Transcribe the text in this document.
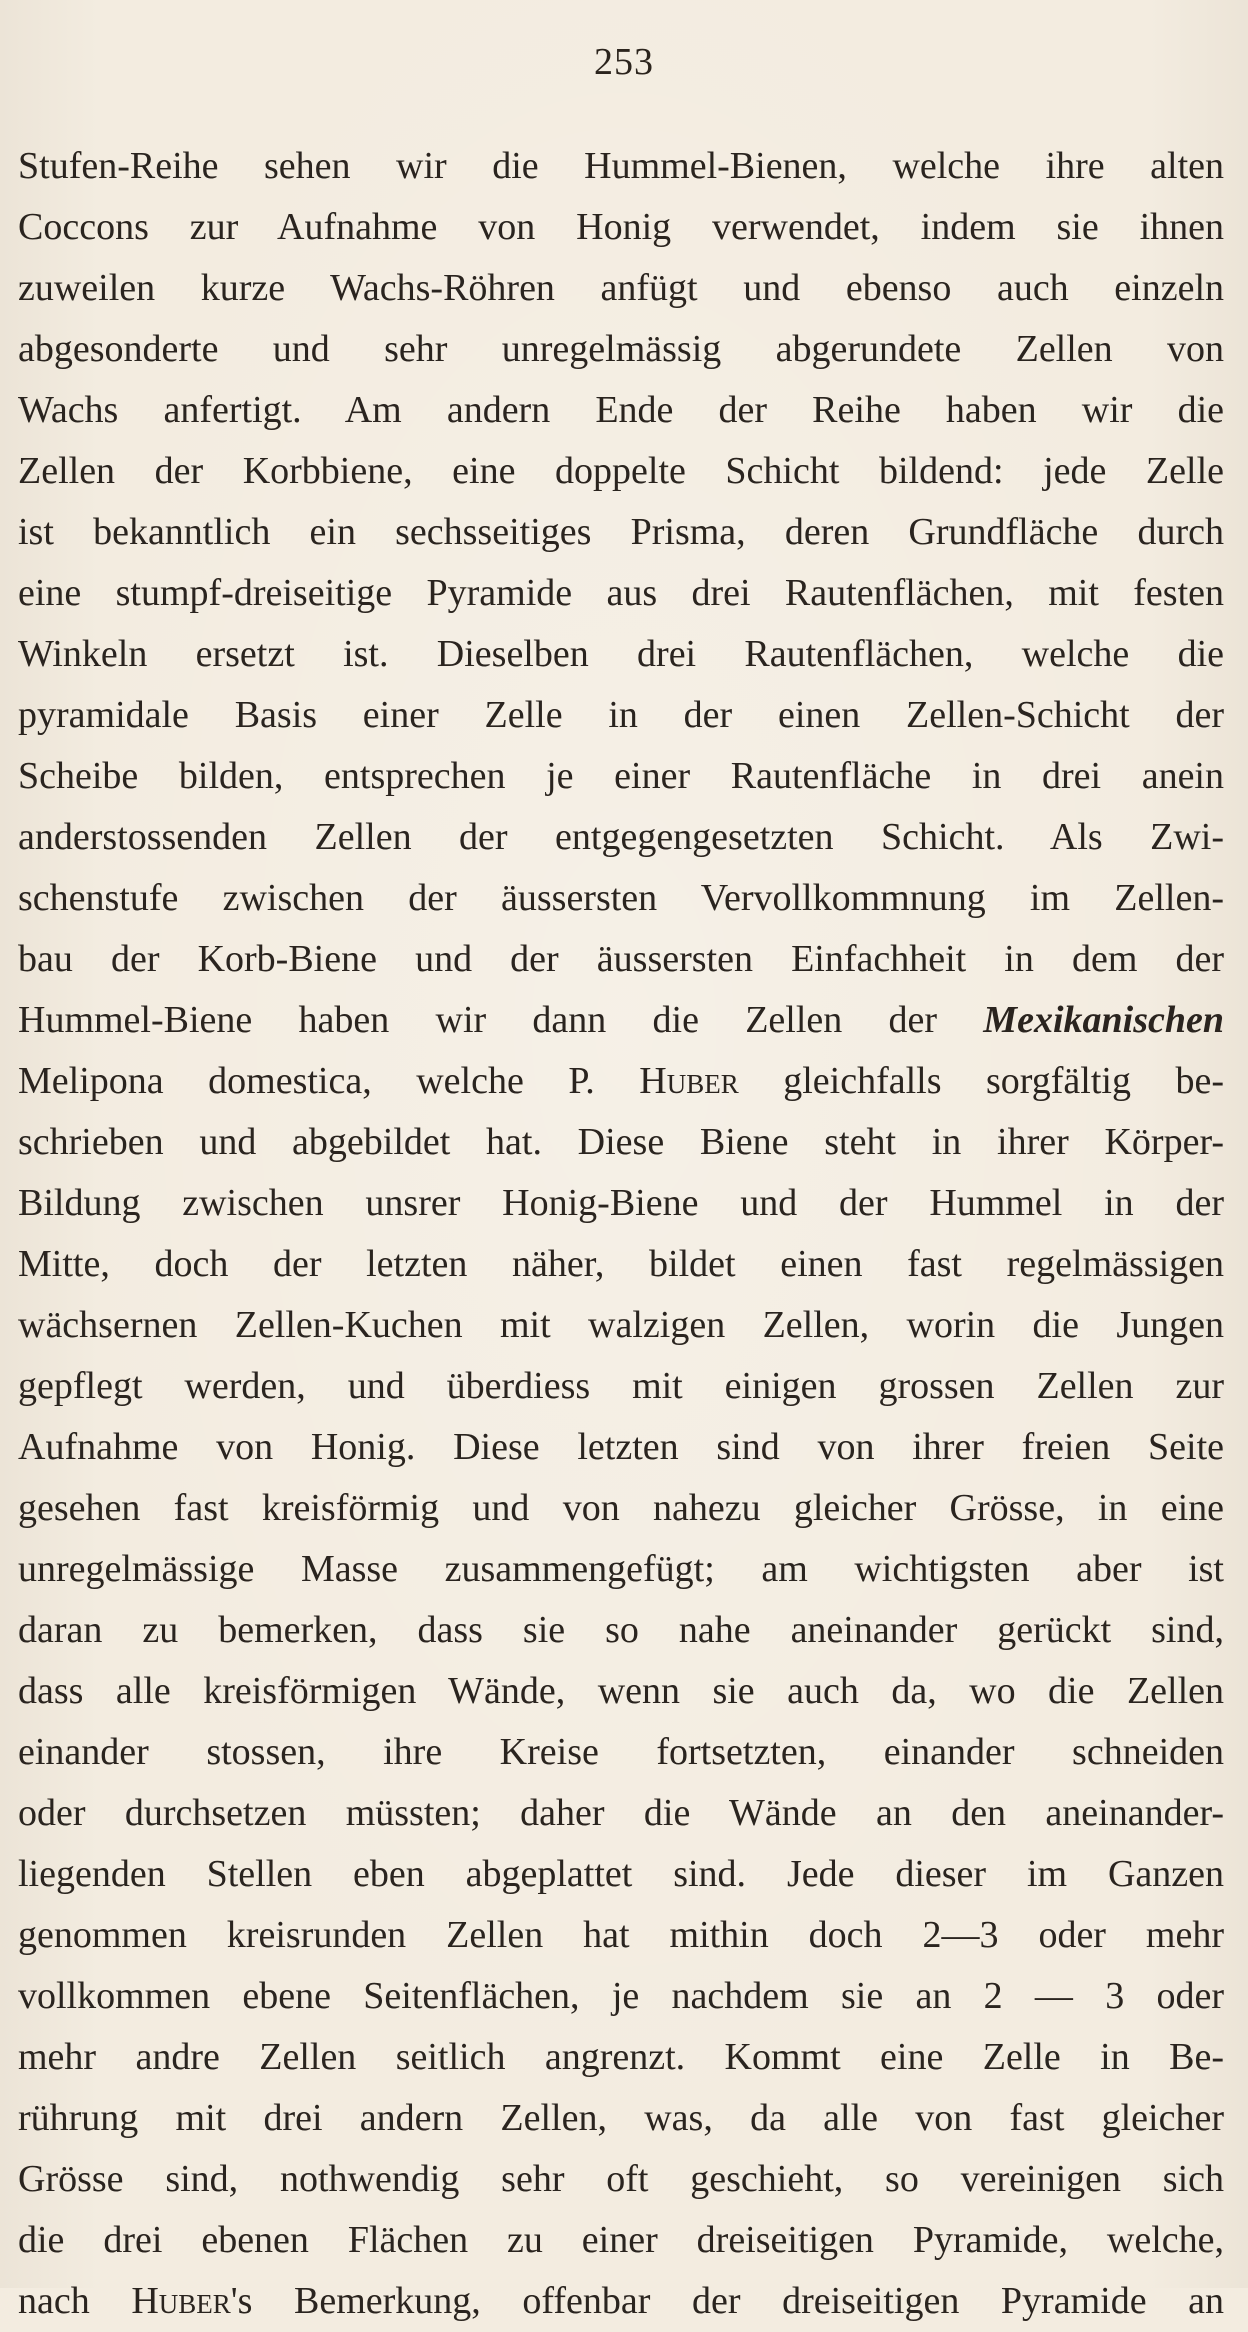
253
Stufen-Reihe sehen wir die Hummel-Bienen, welche ihre alten
Coccons zur Aufnahme von Honig verwendet, indem sie ihnen
zuweilen kurze Wachs-Röhren anfügt und ebenso auch einzeln
abgesonderte und sehr unregelmässig abgerundete Zellen von
Wachs anfertigt. Am andern Ende der Reihe haben wir die
Zellen der Korbbiene, eine doppelte Schicht bildend: jede Zelle
ist bekanntlich ein sechsseitiges Prisma, deren Grundfläche durch
eine stumpf-dreiseitige Pyramide aus drei Rautenflächen, mit festen
Winkeln ersetzt ist. Dieselben drei Rautenflächen, welche die
pyramidale Basis einer Zelle in der einen Zellen-Schicht der
Scheibe bilden, entsprechen je einer Rautenfläche in drei anein
anderstossenden Zellen der entgegengesetzten Schicht. Als Zwi-
schenstufe zwischen der äussersten Vervollkommnung im Zellen-
bau der Korb-Biene und der äussersten Einfachheit in dem der
Hummel-Biene haben wir dann die Zellen der Mexikanischen
Melipona domestica, welche P. Huber gleichfalls sorgfältig be-
schrieben und abgebildet hat. Diese Biene steht in ihrer Körper-
Bildung zwischen unsrer Honig-Biene und der Hummel in der
Mitte, doch der letzten näher, bildet einen fast regelmässigen
wächsernen Zellen-Kuchen mit walzigen Zellen, worin die Jungen
gepflegt werden, und überdiess mit einigen grossen Zellen zur
Aufnahme von Honig. Diese letzten sind von ihrer freien Seite
gesehen fast kreisförmig und von nahezu gleicher Grösse, in eine
unregelmässige Masse zusammengefügt; am wichtigsten aber ist
daran zu bemerken, dass sie so nahe aneinander gerückt sind,
dass alle kreisförmigen Wände, wenn sie auch da, wo die Zellen
einander stossen, ihre Kreise fortsetzten, einander schneiden
oder durchsetzen müssten; daher die Wände an den aneinander-
liegenden Stellen eben abgeplattet sind. Jede dieser im Ganzen
genommen kreisrunden Zellen hat mithin doch 2—3 oder mehr
vollkommen ebene Seitenflächen, je nachdem sie an 2 — 3 oder
mehr andre Zellen seitlich angrenzt. Kommt eine Zelle in Be-
rührung mit drei andern Zellen, was, da alle von fast gleicher
Grösse sind, nothwendig sehr oft geschieht, so vereinigen sich
die drei ebenen Flächen zu einer dreiseitigen Pyramide, welche,
nach Huber's Bemerkung, offenbar der dreiseitigen Pyramide an
